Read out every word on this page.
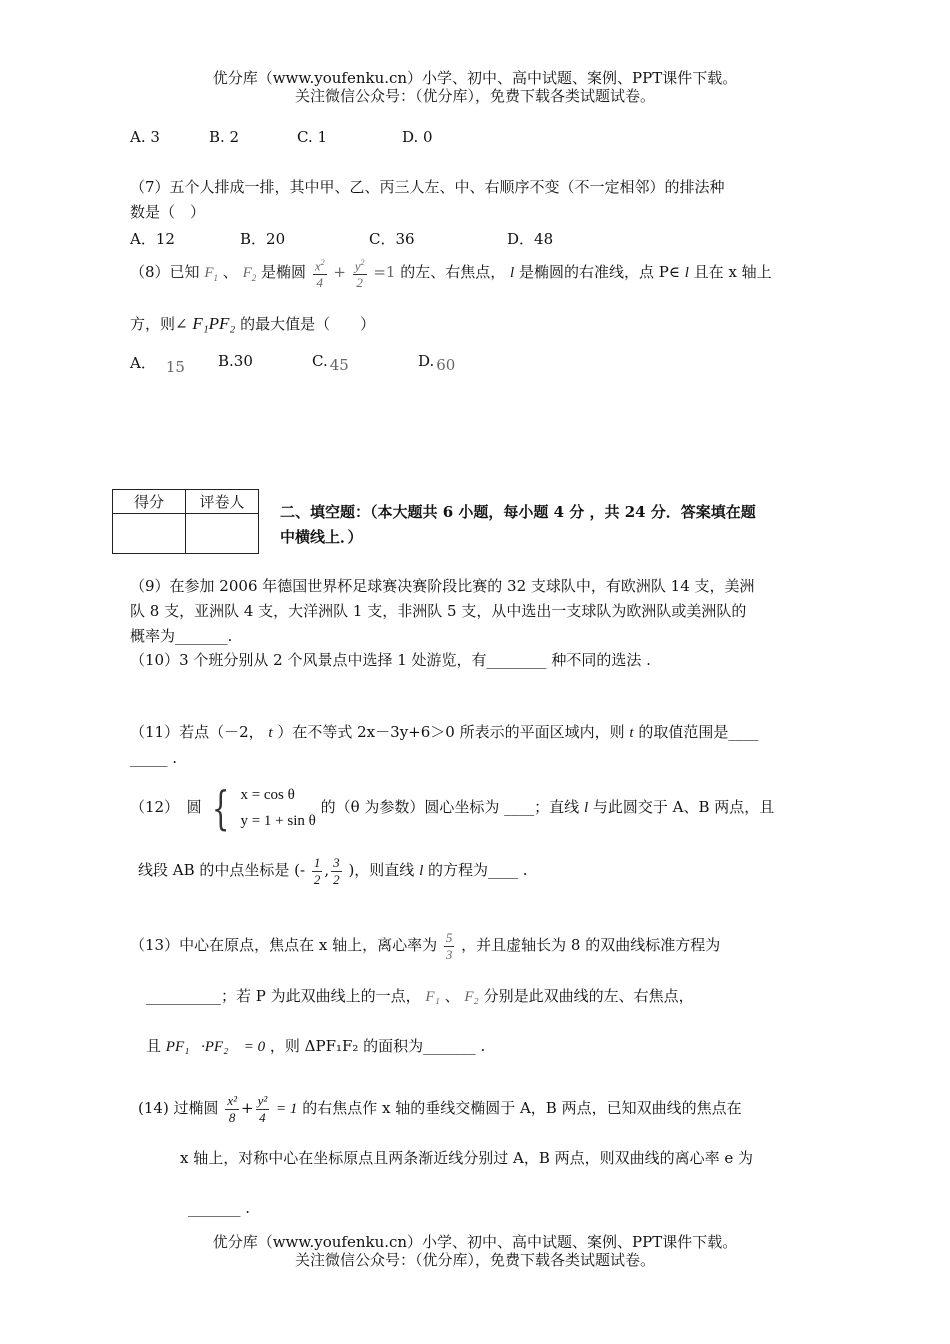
优分库（www.youfenku.cn）小学、初中、高中试题、案例、PPT课件下载。
关注微信公众号：（优分库），免费下载各类试题试卷。
A. 3	B. 2	C. 1	D. 0
（7）五个人排成一排，其中甲、乙、丙三人左、中、右顺序不变（不一定相邻）的排法种
数是（　）
A．12	B．20	C．36	D．48
（8）已知 $F_1$ 、 $F_2$ 是椭圆 $\frac{x^2}{4} + \frac{y^2}{2} =1$ 的左、右焦点， l 是椭圆的右准线，点 P∈ l 且在 x 轴上
方，则∠ F₁PF₂ 的最大值是（　　）
A． 15 B.30	C. 45	D. 60
得分	评卷人

二、填空题：（本大题共 6 小题，每小题 4 分 ，共 24 分．答案填在题
中横线上．）
（9）在参加 2006 年德国世界杯足球赛决赛阶段比赛的 32 支球队中，有欧洲队 14 支，美洲
队 8 支，亚洲队 4 支，大洋洲队 1 支，非洲队 5 支，从中选出一支球队为欧洲队或美洲队的
概率为_______.
（10）3 个班分别从 2 个风景点中选择 1 处游览，有________ 种不同的选法 .
（11）若点（－2， t ）在不等式 2x－3y+6＞0 所表示的平面区域内，则 t 的取值范围是____
_____ .
（12）　圆 { x = cos θ
y = 1 + sin θ
的（θ 为参数）圆心坐标为 ____；直线 l 与此圆交于 A、B 两点，且
线段 AB 的中点坐标是 (- $\frac{1}{2}$ , $\frac{3}{2}$ )，则直线 l 的方程为____ .
（13）中心在原点，焦点在 x 轴上，离心率为 $\frac{5}{3}$ ，并且虚轴长为 8 的双曲线标准方程为
__________；若 P 为此双曲线上的一点， F₁ 、 F₂ 分别是此双曲线的左、右焦点，
且 PF₁⃗·PF₂⃗ = 0 ，则 ΔPF₁F₂ 的面积为_______ .
(14) 过椭圆 $\frac{\text{x²}}{8} + \frac{\text{y²}}{4} = 1$ 的右焦点作 x 轴的垂线交椭圆于 A，B 两点，已知双曲线的焦点在
x 轴上，对称中心在坐标原点且两条渐近线分别过 A，B 两点，则双曲线的离心率 e 为
_______ .
优分库（www.youfenku.cn）小学、初中、高中试题、案例、PPT课件下载。
关注微信公众号：（优分库），免费下载各类试题试卷。
